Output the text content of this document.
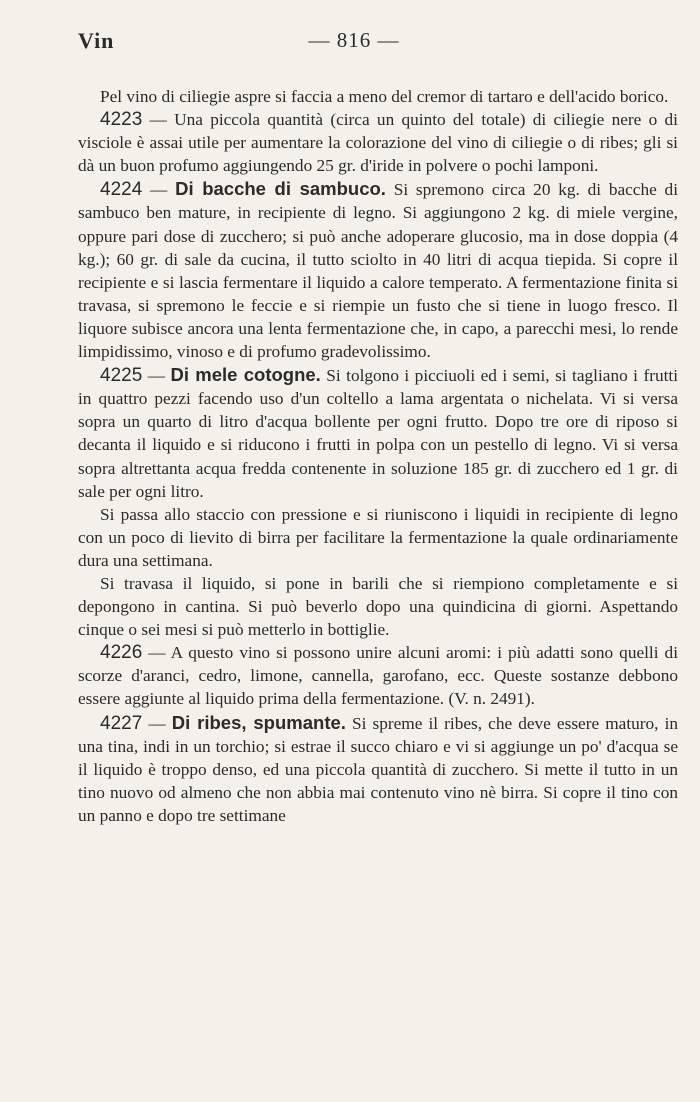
Vin	— 816 —

Pel vino di ciliegie aspre si faccia a meno del cremor di tartaro e dell'acido borico.

4223 — Una piccola quantità (circa un quinto del totale) di ciliegie nere o di visciole è assai utile per aumentare la colorazione del vino di ciliegie o di ribes; gli si dà un buon profumo aggiungendo 25 gr. d'iride in polvere o pochi lamponi.

4224 — Di bacche di sambuco. Si spremono circa 20 kg. di bacche di sambuco ben mature, in recipiente di legno. Si aggiungono 2 kg. di miele vergine, oppure pari dose di zucchero; si può anche adoperare glucosio, ma in dose doppia (4 kg.); 60 gr. di sale da cucina, il tutto sciolto in 40 litri di acqua tiepida. Si copre il recipiente e si lascia fermentare il liquido a calore temperato. A fermentazione finita si travasa, si spremono le feccie e si riempie un fusto che si tiene in luogo fresco. Il liquore subisce ancora una lenta fermentazione che, in capo, a parecchi mesi, lo rende limpidissimo, vinoso e di profumo gradevolissimo.

4225 — Di mele cotogne. Si tolgono i picciuoli ed i semi, si tagliano i frutti in quattro pezzi facendo uso d'un coltello a lama argentata o nichelata. Vi si versa sopra un quarto di litro d'acqua bollente per ogni frutto. Dopo tre ore di riposo si decanta il liquido e si riducono i frutti in polpa con un pestello di legno. Vi si versa sopra altrettanta acqua fredda contenente in soluzione 185 gr. di zucchero ed 1 gr. di sale per ogni litro.

Si passa allo staccio con pressione e si riuniscono i liquidi in recipiente di legno con un poco di lievito di birra per facilitare la fermentazione la quale ordinariamente dura una settimana.

Si travasa il liquido, si pone in barili che si riempiono completamente e si depongono in cantina. Si può beverlo dopo una quindicina di giorni. Aspettando cinque o sei mesi si può metterlo in bottiglie.

4226 — A questo vino si possono unire alcuni aromi: i più adatti sono quelli di scorze d'aranci, cedro, limone, cannella, garofano, ecc. Queste sostanze debbono essere aggiunte al liquido prima della fermentazione. (V. n. 2491).

4227 — Di ribes, spumante. Si spreme il ribes, che deve essere maturo, in una tina, indi in un torchio; si estrae il succo chiaro e vi si aggiunge un po' d'acqua se il liquido è troppo denso, ed una piccola quantità di zucchero. Si mette il tutto in un tino nuovo od almeno che non abbia mai contenuto vino nè birra. Si copre il tino con un panno e dopo tre settimane
